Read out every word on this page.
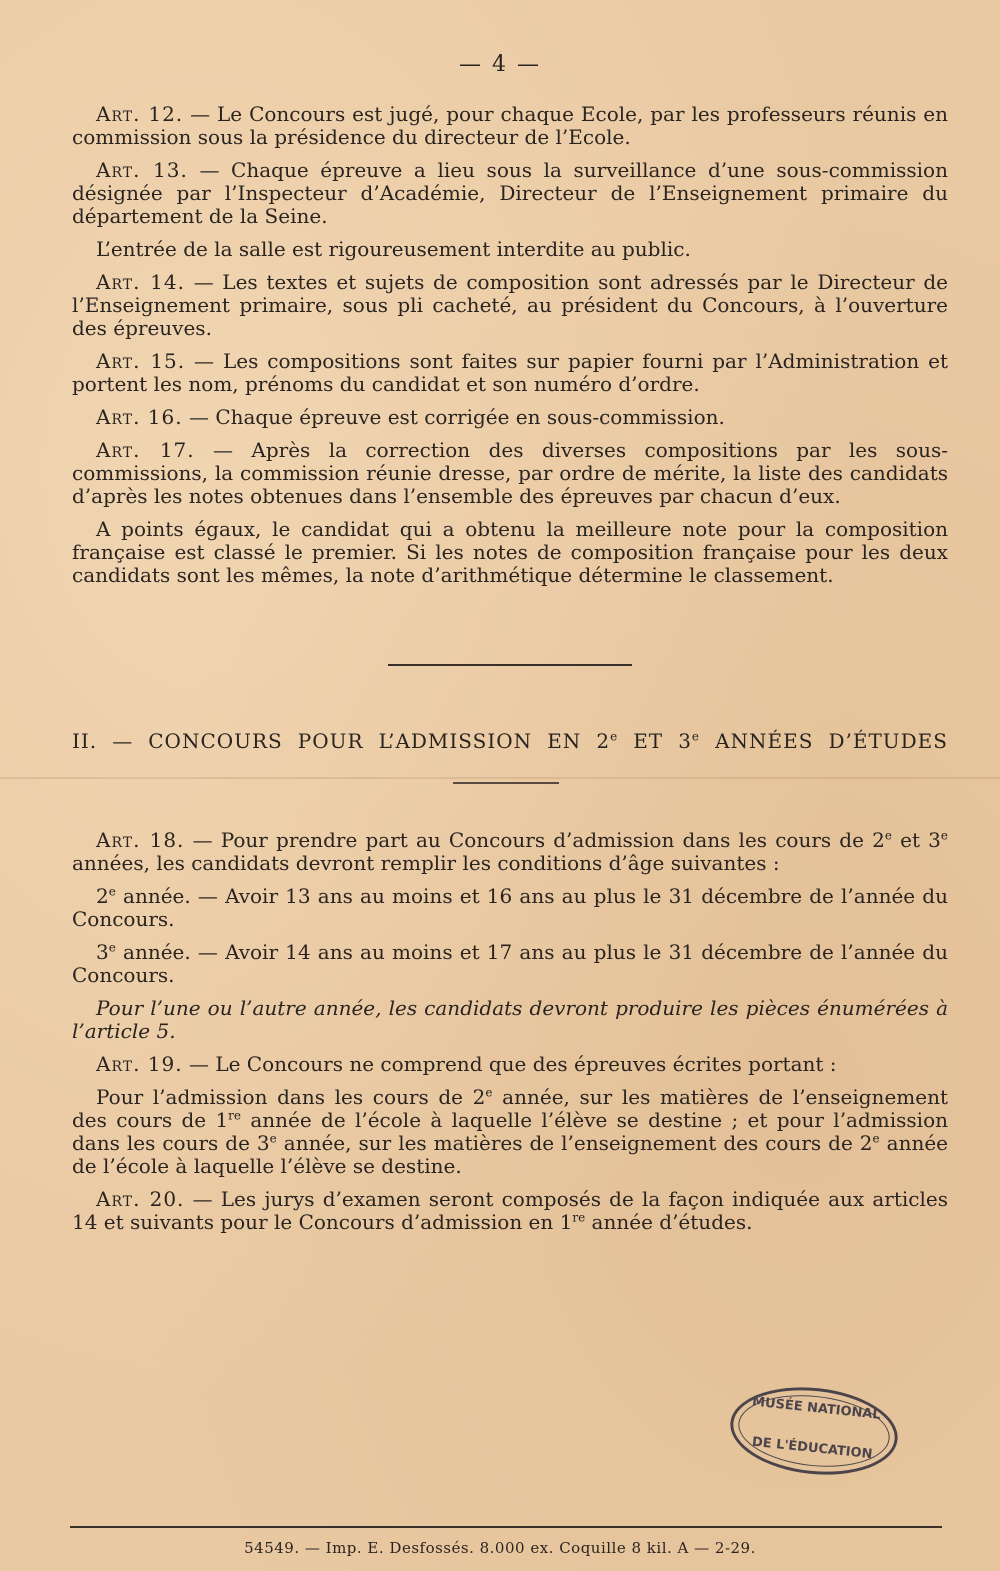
— 4 —

Art. 12. — Le Concours est jugé, pour chaque Ecole, par les professeurs réunis en commission sous la présidence du directeur de l’Ecole.

Art. 13. — Chaque épreuve a lieu sous la surveillance d’une sous-commission désignée par l’Inspecteur d’Académie, Directeur de l’Enseignement primaire du département de la Seine.

L’entrée de la salle est rigoureusement interdite au public.

Art. 14. — Les textes et sujets de composition sont adressés par le Directeur de l’Enseignement primaire, sous pli cacheté, au président du Concours, à l’ouverture des épreuves.

Art. 15. — Les compositions sont faites sur papier fourni par l’Administration et portent les nom, prénoms du candidat et son numéro d’ordre.

Art. 16. — Chaque épreuve est corrigée en sous-commission.

Art. 17. — Après la correction des diverses compositions par les sous-commissions, la commission réunie dresse, par ordre de mérite, la liste des candidats d’après les notes obtenues dans l’ensemble des épreuves par chacun d’eux.

A points égaux, le candidat qui a obtenu la meilleure note pour la composition française est classé le premier. Si les notes de composition française pour les deux candidats sont les mêmes, la note d’arithmétique détermine le classement.

II. — CONCOURS POUR L’ADMISSION EN 2e ET 3e ANNÉES D’ÉTUDES

Art. 18. — Pour prendre part au Concours d’admission dans les cours de 2e et 3e années, les candidats devront remplir les conditions d’âge suivantes :

2e année. — Avoir 13 ans au moins et 16 ans au plus le 31 décembre de l’année du Concours.

3e année. — Avoir 14 ans au moins et 17 ans au plus le 31 décembre de l’année du Concours.

Pour l’une ou l’autre année, les candidats devront produire les pièces énumérées à l’article 5.

Art. 19. — Le Concours ne comprend que des épreuves écrites portant :

Pour l’admission dans les cours de 2e année, sur les matières de l’enseignement des cours de 1re année de l’école à laquelle l’élève se destine ; et pour l’admission dans les cours de 3e année, sur les matières de l’enseignement des cours de 2e année de l’école à laquelle l’élève se destine.

Art. 20. — Les jurys d’examen seront composés de la façon indiquée aux articles 14 et suivants pour le Concours d’admission en 1re année d’études.

MUSÉE NATIONAL
DE L'ÉDUCATION
54549. — Imp. E. Desfossés. 8.000 ex. Coquille 8 kil. A — 2-29.
